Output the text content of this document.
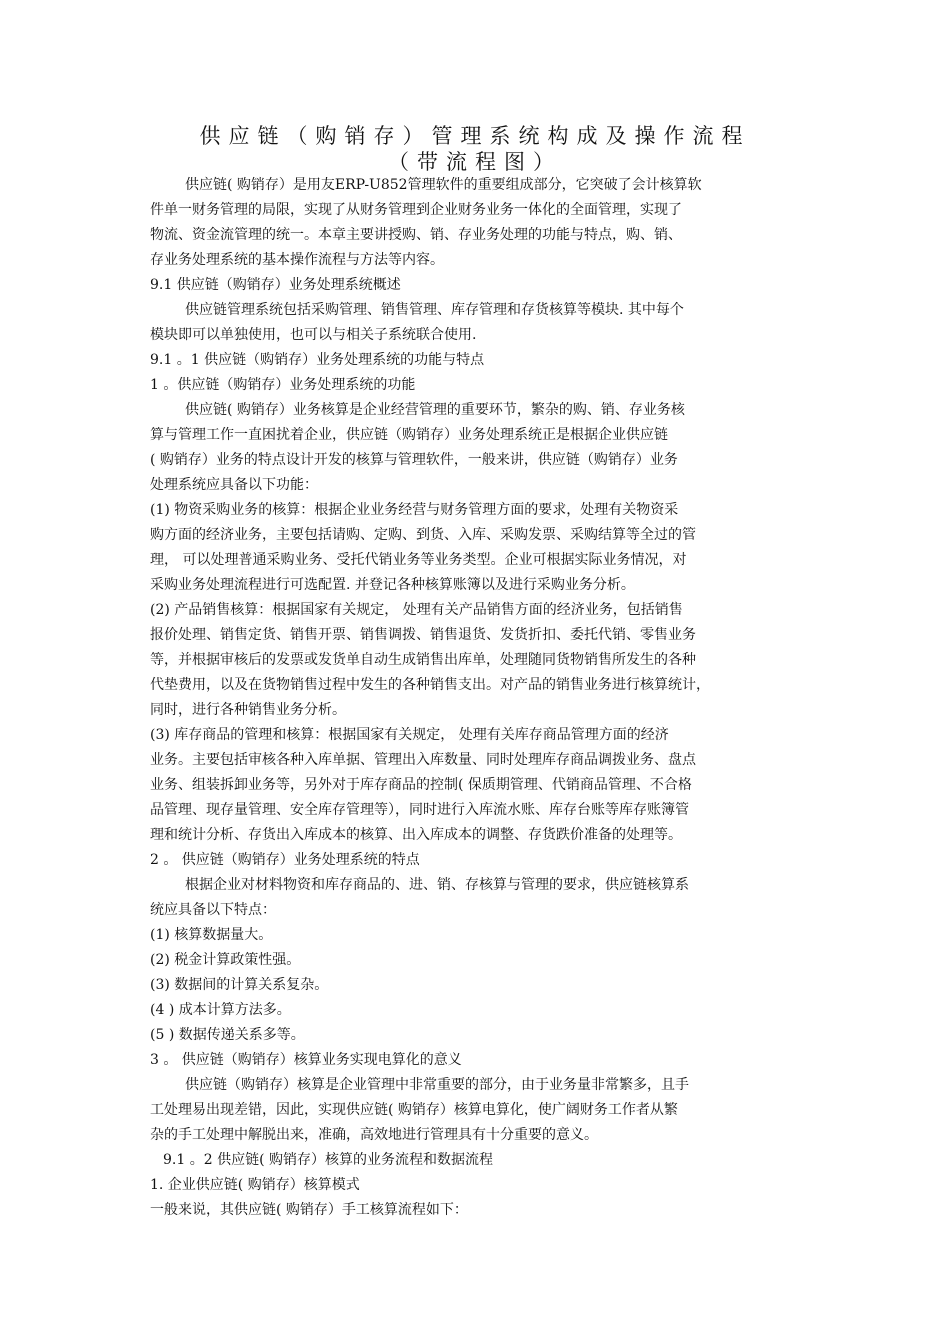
供应链（购销存）管理系统构成及操作流程
（带流程图）
供应链( 购销存）是用友ERP-U852管理软件的重要组成部分，它突破了会计核算软
件单一财务管理的局限，实现了从财务管理到企业财务业务一体化的全面管理，实现了
物流、资金流管理的统一。本章主要讲授购、销、存业务处理的功能与特点，购、销、
存业务处理系统的基本操作流程与方法等内容。
9.1 供应链（购销存）业务处理系统概述
供应链管理系统包括采购管理、销售管理、库存管理和存货核算等模块. 其中每个
模块即可以单独使用，也可以与相关子系统联合使用.
9.1 。1 供应链（购销存）业务处理系统的功能与特点
1 。供应链（购销存）业务处理系统的功能
供应链( 购销存）业务核算是企业经营管理的重要环节，繁杂的购、销、存业务核
算与管理工作一直困扰着企业，供应链（购销存）业务处理系统正是根据企业供应链
( 购销存）业务的特点设计开发的核算与管理软件，一般来讲，供应链（购销存）业务
处理系统应具备以下功能：
(1) 物资采购业务的核算：根据企业业务经营与财务管理方面的要求，处理有关物资采
购方面的经济业务，主要包括请购、定购、到货、入库、采购发票、采购结算等全过的管
理， 可以处理普通采购业务、受托代销业务等业务类型。企业可根据实际业务情况，对
采购业务处理流程进行可选配置. 并登记各种核算账簿以及进行采购业务分析。
(2) 产品销售核算：根据国家有关规定， 处理有关产品销售方面的经济业务，包括销售
报价处理、销售定货、销售开票、销售调拨、销售退货、发货折扣、委托代销、零售业务
等，并根据审核后的发票或发货单自动生成销售出库单，处理随同货物销售所发生的各种
代垫费用，以及在货物销售过程中发生的各种销售支出。对产品的销售业务进行核算统计，
同时，进行各种销售业务分析。
(3) 库存商品的管理和核算：根据国家有关规定， 处理有关库存商品管理方面的经济
业务。主要包括审核各种入库单据、管理出入库数量、同时处理库存商品调拨业务、盘点
业务、组装拆卸业务等，另外对于库存商品的控制( 保质期管理、代销商品管理、不合格
品管理、现存量管理、安全库存管理等），同时进行入库流水账、库存台账等库存账簿管
理和统计分析、存货出入库成本的核算、出入库成本的调整、存货跌价准备的处理等。
2 。 供应链（购销存）业务处理系统的特点
根据企业对材料物资和库存商品的、进、销、存核算与管理的要求，供应链核算系
统应具备以下特点：
(1) 核算数据量大。
(2) 税金计算政策性强。
(3) 数据间的计算关系复杂。
(4 ) 成本计算方法多。
(5 ) 数据传递关系多等。
3 。 供应链（购销存）核算业务实现电算化的意义
供应链（购销存）核算是企业管理中非常重要的部分，由于业务量非常繁多，且手
工处理易出现差错，因此，实现供应链( 购销存）核算电算化，使广阔财务工作者从繁
杂的手工处理中解脱出来，准确，高效地进行管理具有十分重要的意义。
9.1 。2 供应链( 购销存）核算的业务流程和数据流程
1. 企业供应链( 购销存）核算模式
一般来说，其供应链( 购销存）手工核算流程如下：
